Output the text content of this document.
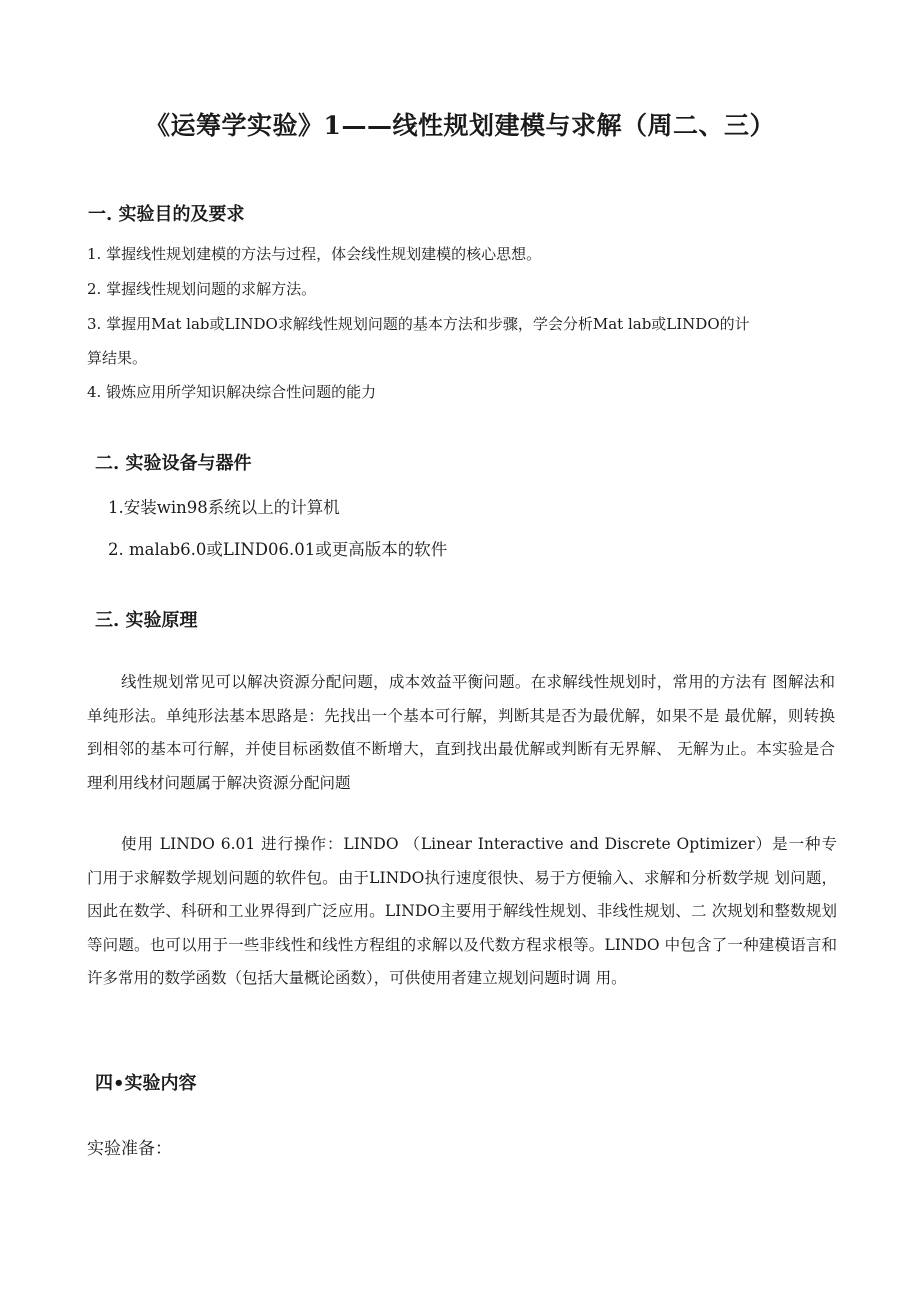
《运筹学实验》1——线性规划建模与求解（周二、三）
一. 实验目的及要求
1. 掌握线性规划建模的方法与过程，体会线性规划建模的核心思想。
2. 掌握线性规划问题的求解方法。
3. 掌握用Mat lab或LINDO求解线性规划问题的基本方法和步骤，学会分析Mat lab或LINDO的计
算结果。
4. 锻炼应用所学知识解决综合性问题的能力
二. 实验设备与器件
1.安装win98系统以上的计算机
2. malab6.0或LIND06.01或更高版本的软件
三. 实验原理
线性规划常见可以解决资源分配问题，成本效益平衡问题。在求解线性规划时，常用的方法有 图解法和单纯形法。单纯形法基本思路是：先找出一个基本可行解，判断其是否为最优解，如果不是 最优解，则转换到相邻的基本可行解，并使目标函数值不断增大，直到找出最优解或判断有无界解、 无解为止。本实验是合理利用线材问题属于解决资源分配问题
使用 LINDO 6.01 进行操作：LINDO （Linear Interactive and Discrete Optimizer）是一种专 门用于求解数学规划问题的软件包。由于LINDO执行速度很快、易于方便输入、求解和分析数学规 划问题，因此在数学、科研和工业界得到广泛应用。LINDO主要用于解线性规划、非线性规划、二 次规划和整数规划等问题。也可以用于一些非线性和线性方程组的求解以及代数方程求根等。LINDO 中包含了一种建模语言和许多常用的数学函数（包括大量概论函数），可供使用者建立规划问题时调 用。
四•实验内容
实验准备：
